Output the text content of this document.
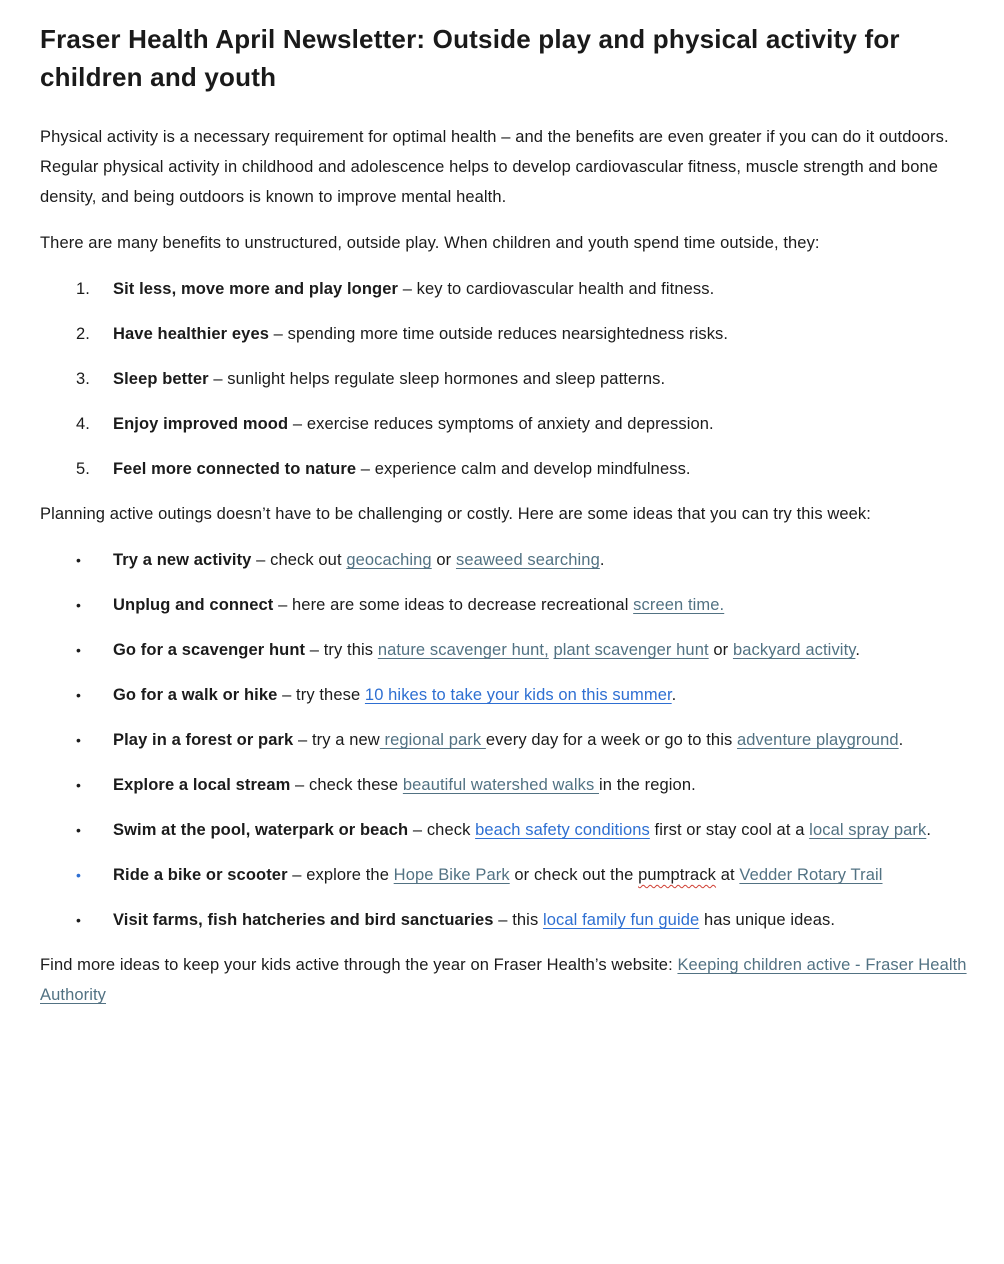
Fraser Health April Newsletter: Outside play and physical activity for children and youth
Physical activity is a necessary requirement for optimal health – and the benefits are even greater if you can do it outdoors.
Regular physical activity in childhood and adolescence helps to develop cardiovascular fitness, muscle strength and bone density, and being outdoors is known to improve mental health.
There are many benefits to unstructured, outside play. When children and youth spend time outside, they:
1.	Sit less, move more and play longer – key to cardiovascular health and fitness.
2.	Have healthier eyes – spending more time outside reduces nearsightedness risks.
3.	Sleep better – sunlight helps regulate sleep hormones and sleep patterns.
4.	Enjoy improved mood – exercise reduces symptoms of anxiety and depression.
5.	Feel more connected to nature – experience calm and develop mindfulness.
Planning active outings doesn’t have to be challenging or costly. Here are some ideas that you can try this week:
•	Try a new activity – check out geocaching or seaweed searching.
•	Unplug and connect – here are some ideas to decrease recreational screen time.
•	Go for a scavenger hunt – try this nature scavenger hunt, plant scavenger hunt or backyard activity.
•	Go for a walk or hike – try these 10 hikes to take your kids on this summer.
•	Play in a forest or park – try a new regional park every day for a week or go to this adventure playground.
•	Explore a local stream – check these beautiful watershed walks in the region.
•	Swim at the pool, waterpark or beach – check beach safety conditions first or stay cool at a local spray park.
•	Ride a bike or scooter – explore the Hope Bike Park or check out the pumptrack at Vedder Rotary Trail
•	Visit farms, fish hatcheries and bird sanctuaries – this local family fun guide has unique ideas.
Find more ideas to keep your kids active through the year on Fraser Health’s website: Keeping children active - Fraser Health Authority
